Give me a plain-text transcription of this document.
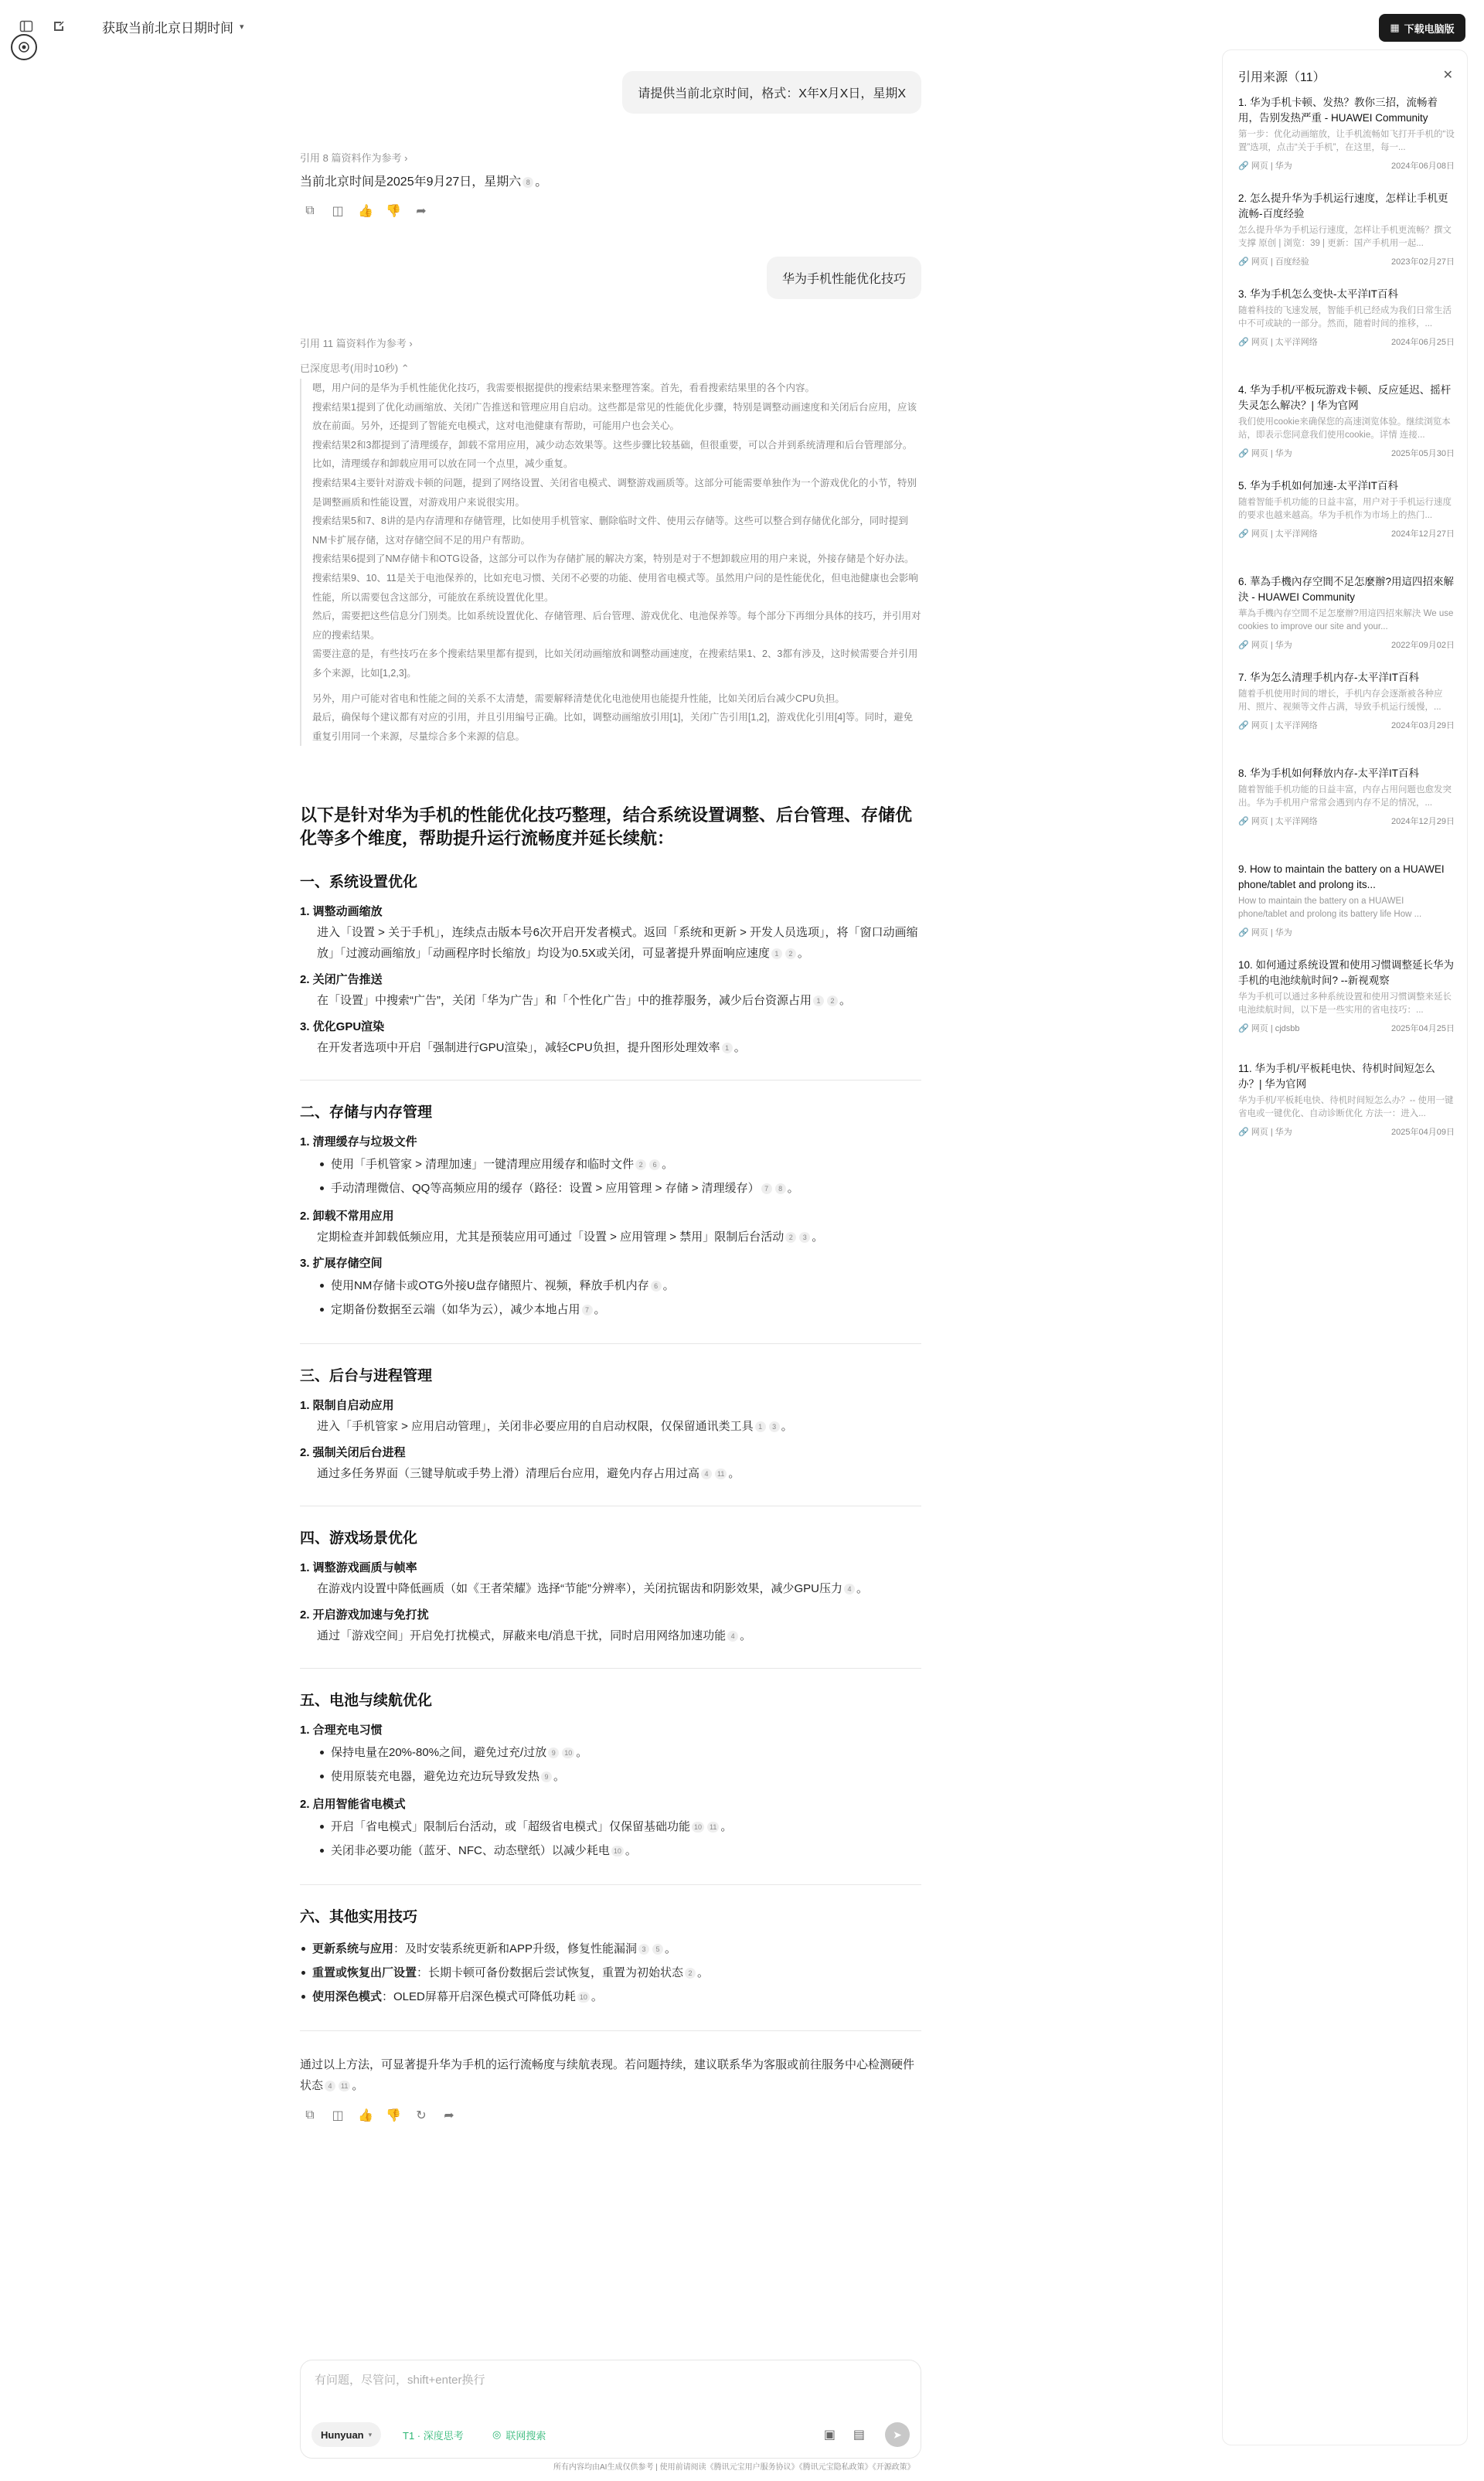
获取当前北京日期时间 ▾	▦ 下载电脑版
请提供当前北京时间，格式：X年X月X日，星期X
引用 8 篇资料作为参考 ›
当前北京时间是2025年9月27日，星期六 8 。
⧉ ◫ 👍 👎 ➦
华为手机性能优化技巧
引用 11 篇资料作为参考 ›
已深度思考(用时10秒) ⌃

嗯，用户问的是华为手机性能优化技巧，我需要根据提供的搜索结果来整理答案。首先，看看搜索结果里的各个内容。

搜索结果1提到了优化动画缩放、关闭广告推送和管理应用自启动。这些都是常见的性能优化步骤，特别是调整动画速度和关闭后台应用，应该放在前面。另外，还提到了智能充电模式，这对电池健康有帮助，可能用户也会关心。

搜索结果2和3都提到了清理缓存，卸载不常用应用，减少动态效果等。这些步骤比较基础，但很重要，可以合并到系统清理和后台管理部分。比如，清理缓存和卸载应用可以放在同一个点里，减少重复。

搜索结果4主要针对游戏卡顿的问题，提到了网络设置、关闭省电模式、调整游戏画质等。这部分可能需要单独作为一个游戏优化的小节，特别是调整画质和性能设置，对游戏用户来说很实用。

搜索结果5和7、8讲的是内存清理和存储管理，比如使用手机管家、删除临时文件、使用云存储等。这些可以整合到存储优化部分，同时提到NM卡扩展存储，这对存储空间不足的用户有帮助。

搜索结果6提到了NM存储卡和OTG设备，这部分可以作为存储扩展的解决方案，特别是对于不想卸载应用的用户来说，外接存储是个好办法。

搜索结果9、10、11是关于电池保养的，比如充电习惯、关闭不必要的功能、使用省电模式等。虽然用户问的是性能优化，但电池健康也会影响性能，所以需要包含这部分，可能放在系统设置优化里。

然后，需要把这些信息分门别类。比如系统设置优化、存储管理、后台管理、游戏优化、电池保养等。每个部分下再细分具体的技巧，并引用对应的搜索结果。

需要注意的是，有些技巧在多个搜索结果里都有提到，比如关闭动画缩放和调整动画速度，在搜索结果1、2、3都有涉及，这时候需要合并引用多个来源，比如[1,2,3]。

另外，用户可能对省电和性能之间的关系不太清楚，需要解释清楚优化电池使用也能提升性能，比如关闭后台减少CPU负担。

最后，确保每个建议都有对应的引用，并且引用编号正确。比如，调整动画缩放引用[1]，关闭广告引用[1,2]，游戏优化引用[4]等。同时，避免重复引用同一个来源，尽量综合多个来源的信息。

以下是针对华为手机的性能优化技巧整理，结合系统设置调整、后台管理、存储优化等多个维度，帮助提升运行流畅度并延长续航：
一、系统设置优化
1. 调整动画缩放
进入「设置 > 关于手机」，连续点击版本号6次开启开发者模式。返回「系统和更新 > 开发人员选项」，将「窗口动画缩放」「过渡动画缩放」「动画程序时长缩放」均设为0.5X或关闭，可显著提升界面响应速度 1 2 。
2. 关闭广告推送
在「设置」中搜索“广告”，关闭「华为广告」和「个性化广告」中的推荐服务，减少后台资源占用 1 2 。
3. 优化GPU渲染
在开发者选项中开启「强制进行GPU渲染」，减轻CPU负担，提升图形处理效率 1 。
二、存储与内存管理
1. 清理缓存与垃圾文件
使用「手机管家 > 清理加速」一键清理应用缓存和临时文件 2 6 。
手动清理微信、QQ等高频应用的缓存（路径：设置 > 应用管理 > 存储 > 清理缓存） 7 8 。
2. 卸载不常用应用
定期检查并卸载低频应用，尤其是预装应用可通过「设置 > 应用管理 > 禁用」限制后台活动 2 3 。
3. 扩展存储空间
使用NM存储卡或OTG外接U盘存储照片、视频，释放手机内存 6 。
定期备份数据至云端（如华为云），减少本地占用 7 。
三、后台与进程管理
1. 限制自启动应用
进入「手机管家 > 应用启动管理」，关闭非必要应用的自启动权限，仅保留通讯类工具 1 3 。
2. 强制关闭后台进程
通过多任务界面（三键导航或手势上滑）清理后台应用，避免内存占用过高 4 11 。
四、游戏场景优化
1. 调整游戏画质与帧率
在游戏内设置中降低画质（如《王者荣耀》选择“节能”分辨率），关闭抗锯齿和阴影效果，减少GPU压力 4 。
2. 开启游戏加速与免打扰
通过「游戏空间」开启免打扰模式，屏蔽来电/消息干扰，同时启用网络加速功能 4 。
五、电池与续航优化
1. 合理充电习惯
保持电量在20%-80%之间，避免过充/过放 9 10 。
使用原装充电器，避免边充边玩导致发热 9 。
2. 启用智能省电模式
开启「省电模式」限制后台活动，或「超级省电模式」仅保留基础功能 10 11 。
关闭非必要功能（蓝牙、NFC、动态壁纸）以减少耗电 10 。
六、其他实用技巧
更新系统与应用：及时安装系统更新和APP升级，修复性能漏洞 3 5 。
重置或恢复出厂设置：长期卡顿可备份数据后尝试恢复，重置为初始状态 2 。
使用深色模式：OLED屏幕开启深色模式可降低功耗 10 。
通过以上方法，可显著提升华为手机的运行流畅度与续航表现。若问题持续，建议联系华为客服或前往服务中心检测硬件状态 4 11 。
⧉ ◫ 👍 👎 ↻ ➦
有问题，尽管问，shift+enter换行
Hunyuan ▾	T1 · 深度思考	◎ 联网搜索	▣ ▤	➤
所有内容均由AI生成仅供参考 | 使用前请阅读《腾讯元宝用户服务协议》《腾讯元宝隐私政策》《开源政策》
引用来源（11）	✕
1. 华为手机卡顿、发热？教你三招，流畅着用，告别发热严重 - HUAWEI Community
第一步：优化动画缩放，让手机流畅如飞打开手机的“设置”选项，点击“关于手机”，在这里，每一...
🔗 网页 | 华为	2024年06月08日
2. 怎么提升华为手机运行速度，怎样让手机更流畅-百度经验
怎么提升华为手机运行速度，怎样让手机更流畅？撰文支撑 原创 | 浏览：39 | 更新：国产手机用一起...
🔗 网页 | 百度经验	2023年02月27日
3. 华为手机怎么变快-太平洋IT百科
随着科技的飞速发展，智能手机已经成为我们日常生活中不可或缺的一部分。然而，随着时间的推移，...
🔗 网页 | 太平洋网络	2024年06月25日
4. 华为手机/平板玩游戏卡顿、反应延迟、摇杆失灵怎么解决？| 华为官网
我们使用cookie来确保您的高速浏览体验。继续浏览本站，即表示您同意我们使用cookie。详情 连接...
🔗 网页 | 华为	2025年05月30日
5. 华为手机如何加速-太平洋IT百科
随着智能手机功能的日益丰富，用户对于手机运行速度的要求也越来越高。华为手机作为市场上的热门...
🔗 网页 | 太平洋网络	2024年12月27日
6. 華為手機內存空間不足怎麼辦?用這四招來解決 - HUAWEI Community
華為手機內存空間不足怎麼辦?用這四招來解決 We use cookies to improve our site and your...
🔗 网页 | 华为	2022年09月02日
7. 华为怎么清理手机内存-太平洋IT百科
随着手机使用时间的增长，手机内存会逐渐被各种应用、照片、视频等文件占满，导致手机运行缓慢，...
🔗 网页 | 太平洋网络	2024年03月29日
8. 华为手机如何释放内存-太平洋IT百科
随着智能手机功能的日益丰富，内存占用问题也愈发突出。华为手机用户常常会遇到内存不足的情况，...
🔗 网页 | 太平洋网络	2024年12月29日
9. How to maintain the battery on a HUAWEI phone/tablet and prolong its...
How to maintain the battery on a HUAWEI phone/tablet and prolong its battery life How ...
🔗 网页 | 华为
10. 如何通过系统设置和使用习惯调整延长华为手机的电池续航时间? --新视观察
华为手机可以通过多种系统设置和使用习惯调整来延长电池续航时间，以下是一些实用的省电技巧：...
🔗 网页 | cjdsbb	2025年04月25日
11. 华为手机/平板耗电快、待机时间短怎么办？| 华为官网
华为手机/平板耗电快、待机时间短怎么办？-- 使用一键省电或一键优化、自动诊断优化 方法一：进入...
🔗 网页 | 华为	2025年04月09日
